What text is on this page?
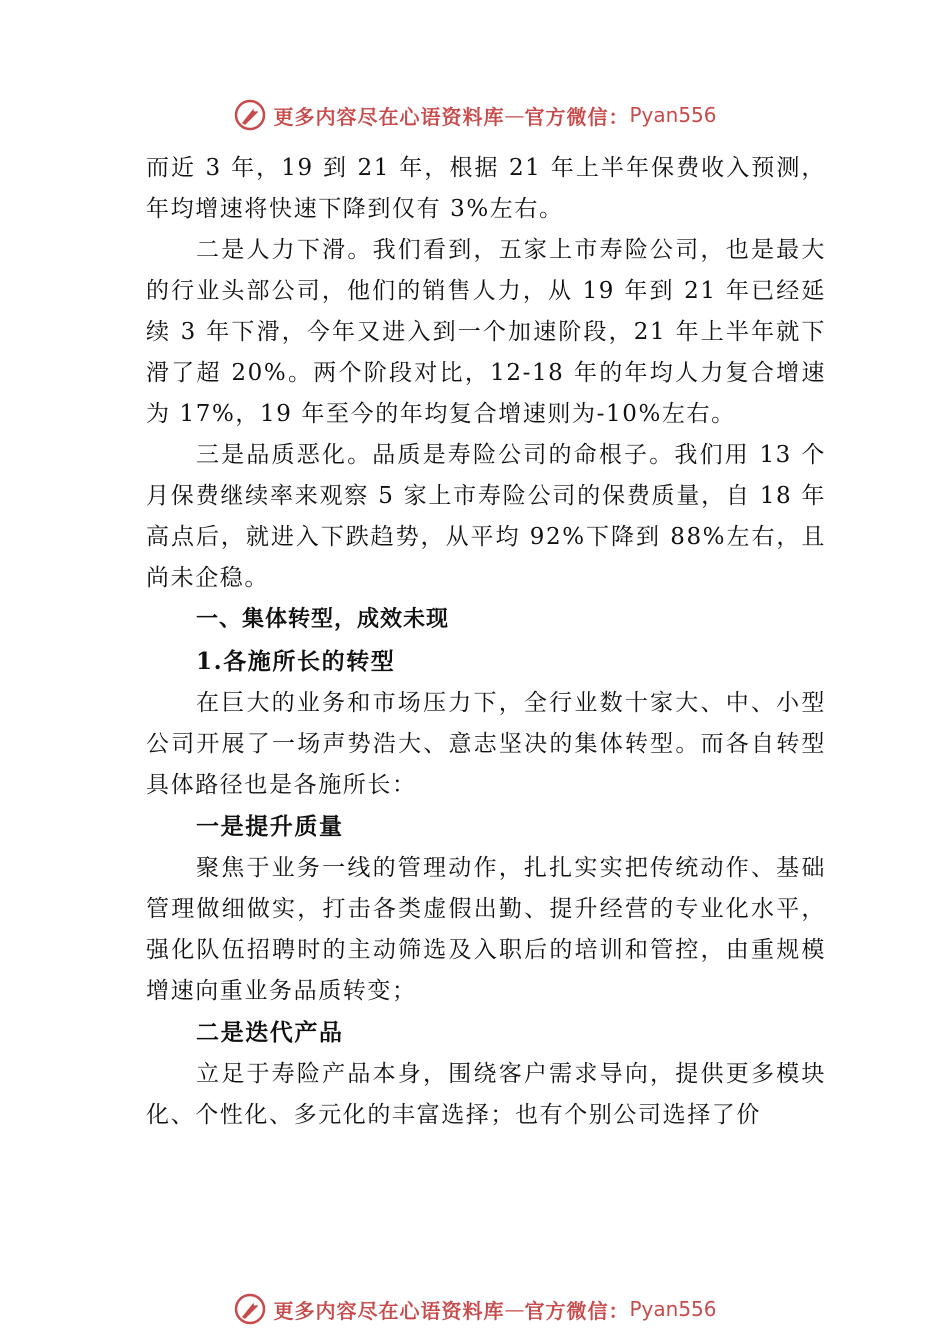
更多内容尽在心语资料库 — 官方微信： Pyan556

而近 3 年，19 到 21 年，根据 21 年上半年保费收入预测，年均增速将快速下降到仅有 3%左右。

二是人力下滑。我们看到，五家上市寿险公司，也是最大的行业头部公司，他们的销售人力，从 19 年到 21 年已经延续 3 年下滑，今年又进入到一个加速阶段，21 年上半年就下滑了超 20%。两个阶段对比，12-18 年的年均人力复合增速为 17%，19 年至今的年均复合增速则为-10%左右。

三是品质恶化。品质是寿险公司的命根子。我们用 13 个月保费继续率来观察 5 家上市寿险公司的保费质量，自 18 年高点后，就进入下跌趋势，从平均 92%下降到 88%左右，且尚未企稳。

一、集体转型，成效未现

1.各施所长的转型

在巨大的业务和市场压力下，全行业数十家大、中、小型公司开展了一场声势浩大、意志坚决的集体转型。而各自转型具体路径也是各施所长：

一是提升质量

聚焦于业务一线的管理动作，扎扎实实把传统动作、基础管理做细做实，打击各类虚假出勤、提升经营的专业化水平，强化队伍招聘时的主动筛选及入职后的培训和管控，由重规模增速向重业务品质转变；

二是迭代产品

立足于寿险产品本身，围绕客户需求导向，提供更多模块化、个性化、多元化的丰富选择；也有个别公司选择了价

更多内容尽在心语资料库 — 官方微信： Pyan556
